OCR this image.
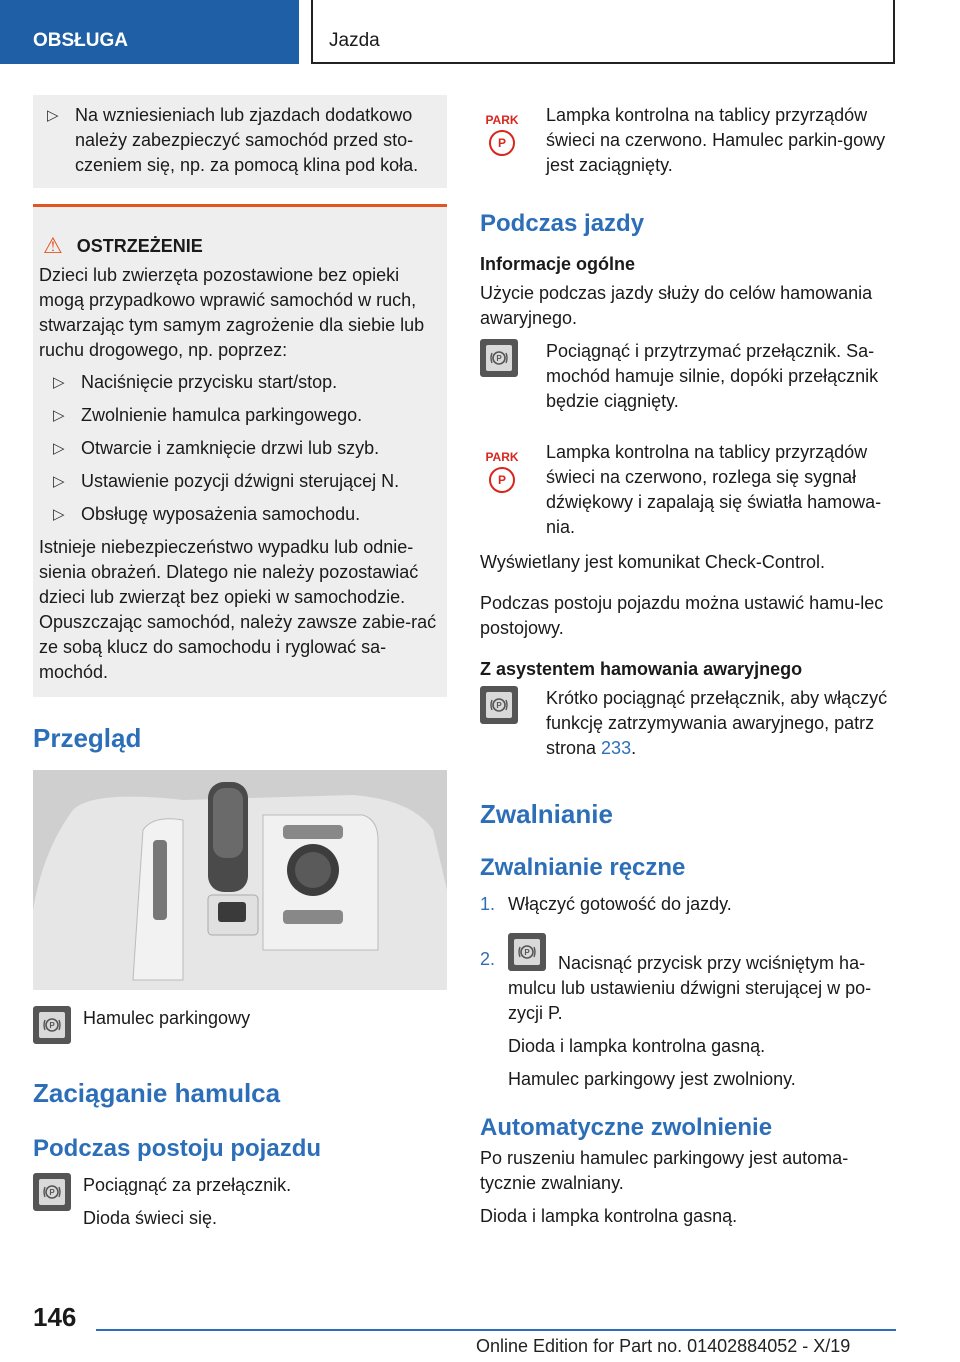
OBSŁUGA	Jazda
▷ Na wzniesieniach lub zjazdach dodatkowo należy zabezpieczyć samochód przed sto-czeniem się, np. za pomocą klina pod koła.
⚠ OSTRZEŻENIE

Dzieci lub zwierzęta pozostawione bez opieki mogą przypadkowo wprawić samochód w ruch, stwarzając tym samym zagrożenie dla siebie lub ruchu drogowego, np. poprzez:

▷ Naciśnięcie przycisku start/stop.
▷ Zwolnienie hamulca parkingowego.
▷ Otwarcie i zamknięcie drzwi lub szyb.
▷ Ustawienie pozycji dźwigni sterującej N.
▷ Obsługę wyposażenia samochodu.

Istnieje niebezpieczeństwo wypadku lub odnie-sienia obrażeń. Dlatego nie należy pozostawiać dzieci lub zwierząt bez opieki w samochodzie. Opuszczając samochód, należy zawsze zabie-rać ze sobą klucz do samochodu i ryglować sa-mochód.

Przegląd
P Hamulec parkingowy

Zaciąganie hamulca
Podczas postoju pojazdu
P Pociągnąć za przełącznik.

Dioda świeci się.

PARK
P

Lampka kontrolna na tablicy przyrządów świeci na czerwono. Hamulec parkin-gowy jest zaciągnięty.

Podczas jazdy
Informacje ogólne

Użycie podczas jazdy służy do celów hamowania awaryjnego.

P Pociągnąć i przytrzymać przełącznik. Sa-mochód hamuje silnie, dopóki przełącznik będzie ciągnięty.

PARK
P

Lampka kontrolna na tablicy przyrządów świeci na czerwono, rozlega się sygnał dźwiękowy i zapalają się światła hamowa-nia.

Wyświetlany jest komunikat Check-Control.

Podczas postoju pojazdu można ustawić hamu-lec postojowy.

Z asystentem hamowania awaryjnego
P Krótko pociągnąć przełącznik, aby włączyć funkcję zatrzymywania awaryjnego, patrz strona 233.

Zwalnianie
Zwalnianie ręczne
1. Włączyć gotowość do jazdy.
2.	P

Nacisnąć przycisk przy wciśniętym ha-mulcu lub ustawieniu dźwigni sterującej w po-zycji P.

Dioda i lampka kontrolna gasną.

Hamulec parkingowy jest zwolniony.

Automatyczne zwolnienie

Po ruszeniu hamulec parkingowy jest automa-tycznie zwalniany.

Dioda i lampka kontrolna gasną.

146
Online Edition for Part no. 01402884052 - X/19
